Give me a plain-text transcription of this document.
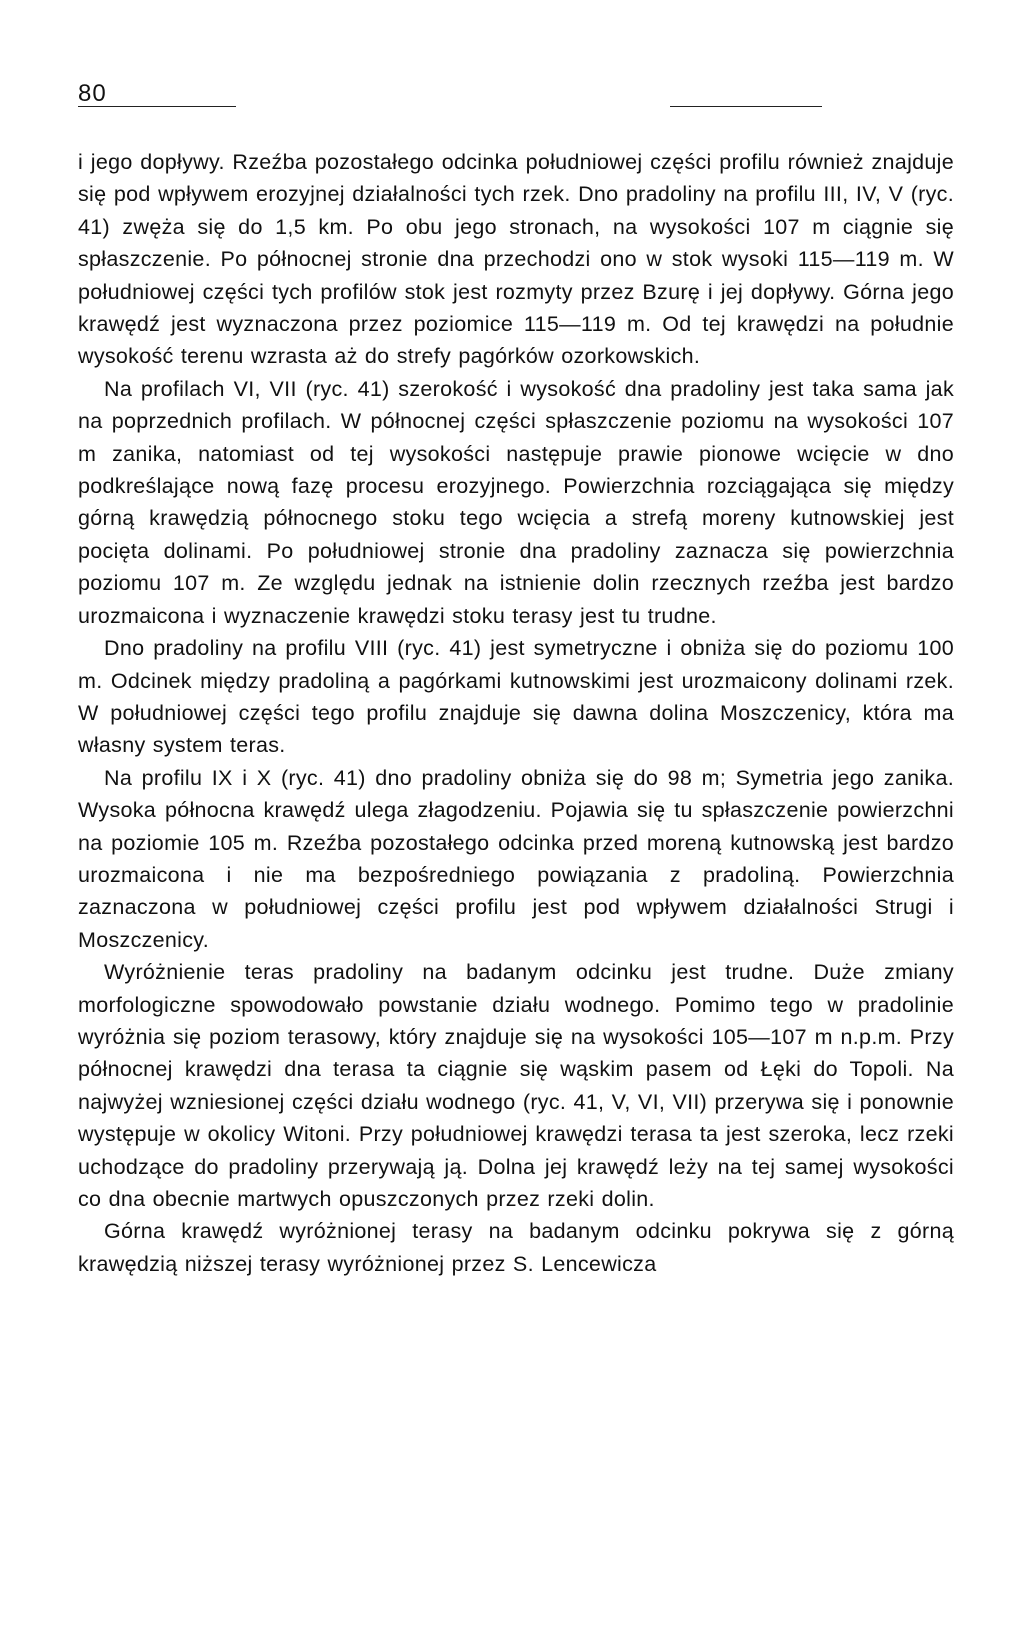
80

i jego dopływy. Rzeźba pozostałego odcinka południowej części profilu również znajduje się pod wpływem erozyjnej działalności tych rzek. Dno pradoliny na profilu III, IV, V (ryc. 41) zwęża się do 1,5 km. Po obu jego stronach, na wysokości 107 m ciągnie się spłaszczenie. Po północnej stronie dna przechodzi ono w stok wysoki 115—119 m. W południowej części tych profilów stok jest rozmyty przez Bzurę i jej dopływy. Górna jego krawędź jest wyznaczona przez poziomice 115—119 m. Od tej krawędzi na południe wysokość terenu wzrasta aż do strefy pagórków ozorkowskich.

Na profilach VI, VII (ryc. 41) szerokość i wysokość dna pradoliny jest taka sama jak na poprzednich profilach. W północnej części spłaszczenie poziomu na wysokości 107 m zanika, natomiast od tej wysokości następuje prawie pionowe wcięcie w dno podkreślające nową fazę procesu erozyjnego. Powierzchnia rozciągająca się między górną krawędzią północnego stoku tego wcięcia a strefą moreny kutnowskiej jest pocięta dolinami. Po południowej stronie dna pradoliny zaznacza się powierzchnia poziomu 107 m. Ze względu jednak na istnienie dolin rzecznych rzeźba jest bardzo urozmaicona i wyznaczenie krawędzi stoku terasy jest tu trudne.

Dno pradoliny na profilu VIII (ryc. 41) jest symetryczne i obniża się do poziomu 100 m. Odcinek między pradoliną a pagórkami kutnowskimi jest urozmaicony dolinami rzek. W południowej części tego profilu znajduje się dawna dolina Moszczenicy, która ma własny system teras.

Na profilu IX i X (ryc. 41) dno pradoliny obniża się do 98 m; Symetria jego zanika. Wysoka północna krawędź ulega złagodzeniu. Pojawia się tu spłaszczenie powierzchni na poziomie 105 m. Rzeźba pozostałego odcinka przed moreną kutnowską jest bardzo urozmaicona i nie ma bezpośredniego powiązania z pradoliną. Powierzchnia zaznaczona w południowej części profilu jest pod wpływem działalności Strugi i Moszczenicy.

Wyróżnienie teras pradoliny na badanym odcinku jest trudne. Duże zmiany morfologiczne spowodowało powstanie działu wodnego. Pomimo tego w pradolinie wyróżnia się poziom terasowy, który znajduje się na wysokości 105—107 m n.p.m. Przy północnej krawędzi dna terasa ta ciągnie się wąskim pasem od Łęki do Topoli. Na najwyżej wzniesionej części działu wodnego (ryc. 41, V, VI, VII) przerywa się i ponownie występuje w okolicy Witoni. Przy południowej krawędzi terasa ta jest szeroka, lecz rzeki uchodzące do pradoliny przerywają ją. Dolna jej krawędź leży na tej samej wysokości co dna obecnie martwych opuszczonych przez rzeki dolin.

Górna krawędź wyróżnionej terasy na badanym odcinku pokrywa się z górną krawędzią niższej terasy wyróżnionej przez S. Lencewicza
